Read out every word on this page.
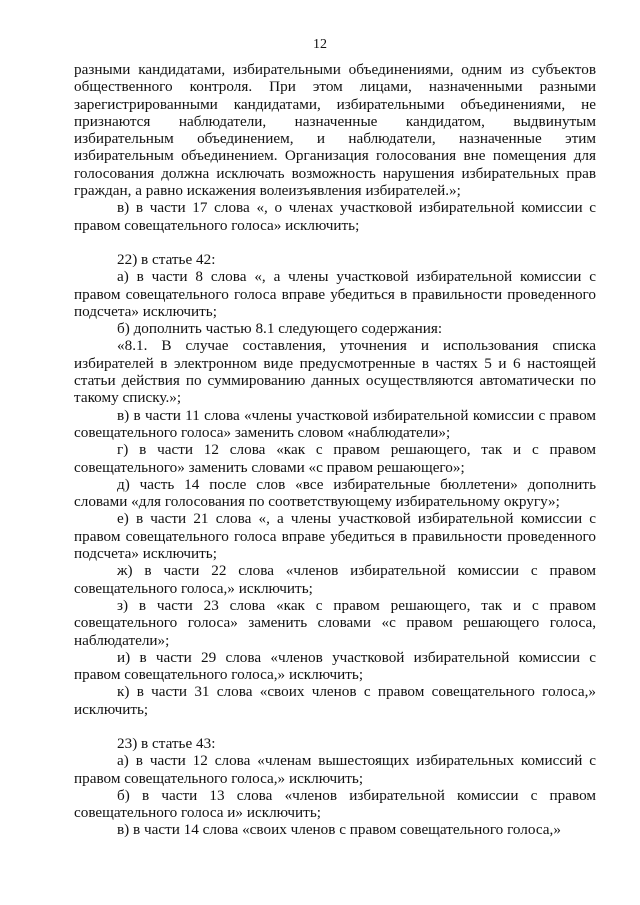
12

разными кандидатами, избирательными объединениями, одним из субъектов общественного контроля. При этом лицами, назначенными разными зарегистрированными кандидатами, избирательными объединениями, не признаются наблюдатели, назначенные кандидатом, выдвинутым избирательным объединением, и наблюдатели, назначенные этим избирательным объединением. Организация голосования вне помещения для голосования должна исключать возможность нарушения избирательных прав граждан, а равно искажения волеизъявления избирателей.»;

в) в части 17 слова «, о членах участковой избирательной комиссии с правом совещательного голоса» исключить;

22) в статье 42:

а) в части 8 слова «, а члены участковой избирательной комиссии с правом совещательного голоса вправе убедиться в правильности проведенного подсчета» исключить;

б) дополнить частью 8.1 следующего содержания:

«8.1. В случае составления, уточнения и использования списка избирателей в электронном виде предусмотренные в частях 5 и 6 настоящей статьи действия по суммированию данных осуществляются автоматически по такому списку.»;

в) в части 11 слова «члены участковой избирательной комиссии с правом совещательного голоса» заменить словом «наблюдатели»;

г) в части 12 слова «как с правом решающего, так и с правом совещательного» заменить словами «с правом решающего»;

д) часть 14 после слов «все избирательные бюллетени» дополнить словами «для голосования по соответствующему избирательному округу»;

е) в части 21 слова «, а члены участковой избирательной комиссии с правом совещательного голоса вправе убедиться в правильности проведенного подсчета» исключить;

ж) в части 22 слова «членов избирательной комиссии с правом совещательного голоса,» исключить;

з) в части 23 слова «как с правом решающего, так и с правом совещательного голоса» заменить словами «с правом решающего голоса, наблюдатели»;

и) в части 29 слова «членов участковой избирательной комиссии с правом совещательного голоса,» исключить;

к) в части 31 слова «своих членов с правом совещательного голоса,» исключить;

23) в статье 43:

а) в части 12 слова «членам вышестоящих избирательных комиссий с правом совещательного голоса,» исключить;

б) в части 13 слова «членов избирательной комиссии с правом совещательного голоса и» исключить;

в) в части 14 слова «своих членов с правом совещательного голоса,»
